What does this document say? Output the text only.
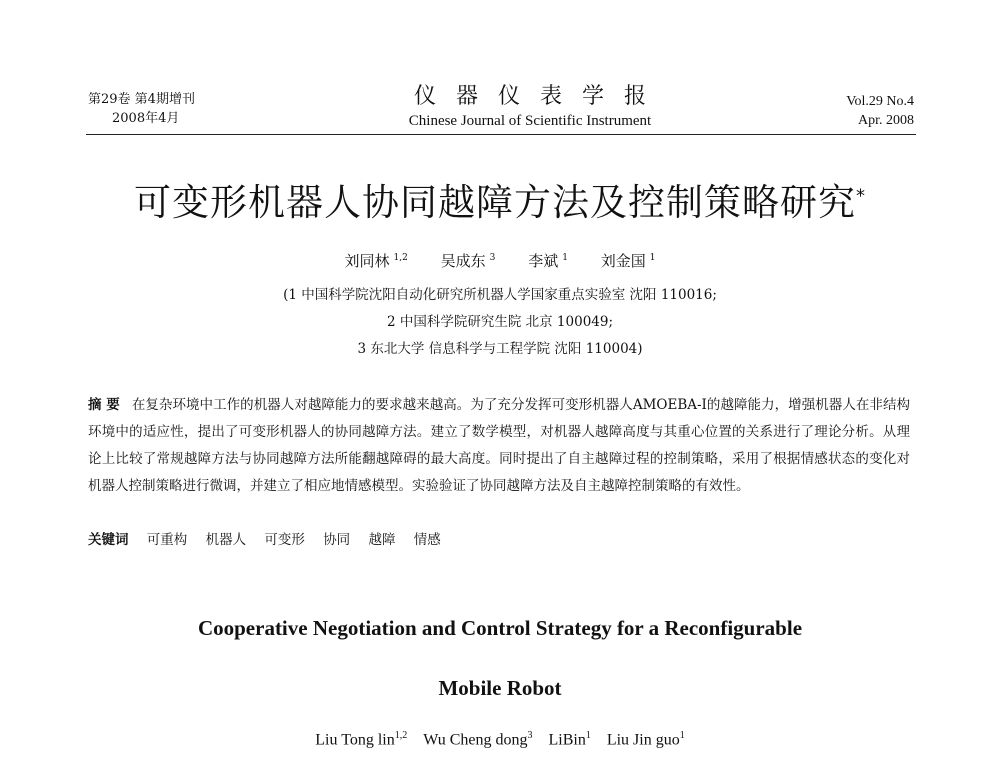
第29卷 第4期增刊
2008年4月
仪器仪表学报
Chinese Journal of Scientific Instrument
Vol.29 No.4
Apr. 2008
可变形机器人协同越障方法及控制策略研究*
刘同林 $^{1,2}$ 吴成东 $^3$ 李斌 $^1$ 刘金国 $^1$
(1 中国科学院沈阳自动化研究所机器人学国家重点实验室 沈阳 110016;
2 中国科学院研究生院 北京 100049;
3 东北大学 信息科学与工程学院 沈阳 110004)
摘 要 在复杂环境中工作的机器人对越障能力的要求越来越高。为了充分发挥可变形机器人AMOEBA-I的越障能力，增强机器人在非结构环境中的适应性，提出了可变形机器人的协同越障方法。建立了数学模型，对机器人越障高度与其重心位置的关系进行了理论分析。从理论上比较了常规越障方法与协同越障方法所能翻越障碍的最大高度。同时提出了自主越障过程的控制策略，采用了根据情感状态的变化对机器人控制策略进行微调，并建立了相应地情感模型。实验验证了协同越障方法及自主越障控制策略的有效性。
关键词 可重构 机器人 可变形 协同 越障 情感
Cooperative Negotiation and Control Strategy for a Reconfigurable
Mobile Robot
Liu Tong lin$^{1,2}$ Wu Cheng dong$^3$ LiBin$^1$ Liu Jin guo$^1$
